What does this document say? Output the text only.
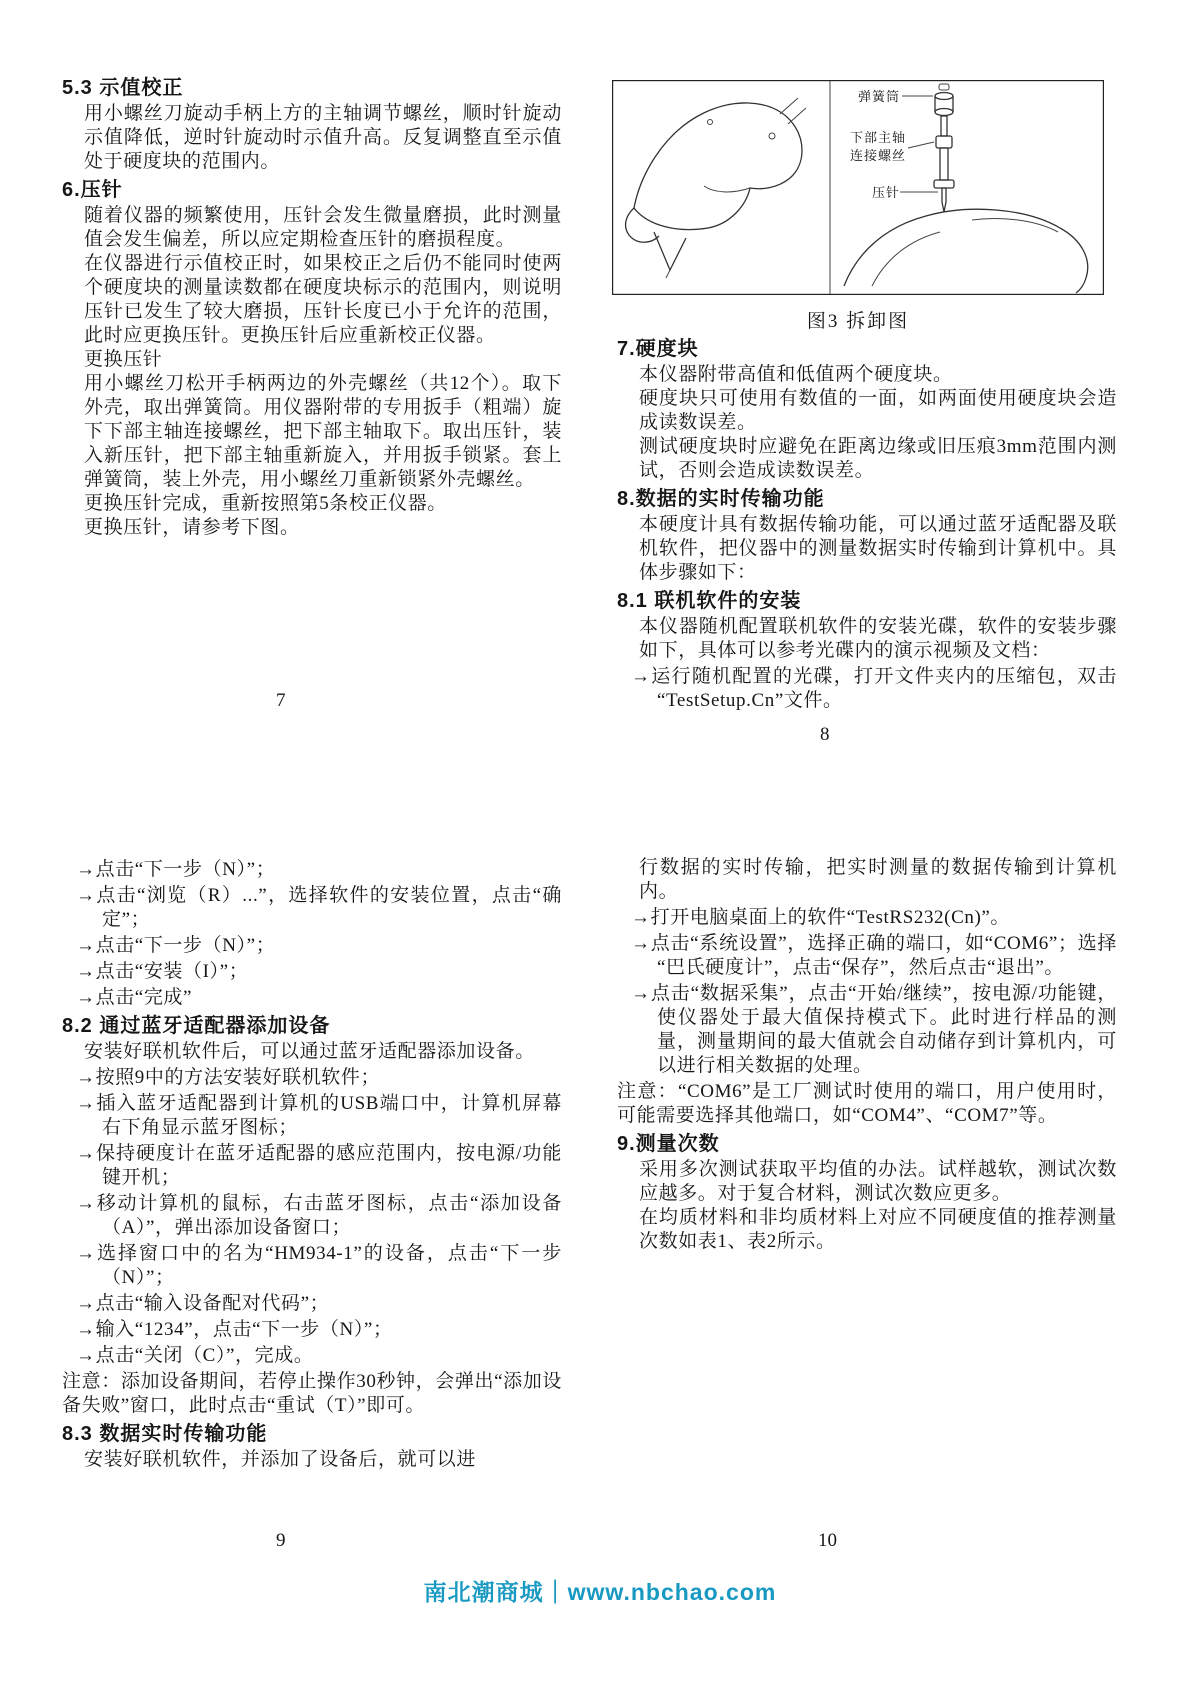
5.3 示值校正
用小螺丝刀旋动手柄上方的主轴调节螺丝，顺时针旋动示值降低，逆时针旋动时示值升高。反复调整直至示值处于硬度块的范围内。
6.压针
随着仪器的频繁使用，压针会发生微量磨损，此时测量值会发生偏差，所以应定期检查压针的磨损程度。
在仪器进行示值校正时，如果校正之后仍不能同时使两个硬度块的测量读数都在硬度块标示的范围内，则说明压针已发生了较大磨损，压针长度已小于允许的范围，此时应更换压针。更换压针后应重新校正仪器。
更换压针
用小螺丝刀松开手柄两边的外壳螺丝（共12个）。取下外壳，取出弹簧筒。用仪器附带的专用扳手（粗端）旋下下部主轴连接螺丝，把下部主轴取下。取出压针，装入新压针，把下部主轴重新旋入，并用扳手锁紧。套上弹簧筒，装上外壳，用小螺丝刀重新锁紧外壳螺丝。
更换压针完成，重新按照第5条校正仪器。
更换压针，请参考下图。
7
弹簧筒
下部主轴
连接螺丝
压针
图3 拆卸图
7.硬度块
本仪器附带高值和低值两个硬度块。
硬度块只可使用有数值的一面，如两面使用硬度块会造成读数误差。
测试硬度块时应避免在距离边缘或旧压痕3mm范围内测试，否则会造成读数误差。
8.数据的实时传输功能
本硬度计具有数据传输功能，可以通过蓝牙适配器及联机软件，把仪器中的测量数据实时传输到计算机中。具体步骤如下：
8.1 联机软件的安装
本仪器随机配置联机软件的安装光碟，软件的安装步骤如下，具体可以参考光碟内的演示视频及文档：
→运行随机配置的光碟，打开文件夹内的压缩包，双击“TestSetup.Cn”文件。
8
→点击“下一步（N）”；
→点击“浏览（R）...”，选择软件的安装位置，点击“确定”；
→点击“下一步（N）”；
→点击“安装（I）”；
→点击“完成”
8.2 通过蓝牙适配器添加设备
安装好联机软件后，可以通过蓝牙适配器添加设备。
→按照9中的方法安装好联机软件；
→插入蓝牙适配器到计算机的USB端口中，计算机屏幕右下角显示蓝牙图标；
→保持硬度计在蓝牙适配器的感应范围内，按电源/功能键开机；
→移动计算机的鼠标，右击蓝牙图标，点击“添加设备（A）”，弹出添加设备窗口；
→选择窗口中的名为“HM934-1”的设备，点击“下一步（N）”；
→点击“输入设备配对代码”；
→输入“1234”，点击“下一步（N）”；
→点击“关闭（C）”，完成。
注意：添加设备期间，若停止操作30秒钟，会弹出“添加设备失败”窗口，此时点击“重试（T）”即可。
8.3 数据实时传输功能
安装好联机软件，并添加了设备后，就可以进
9
行数据的实时传输，把实时测量的数据传输到计算机内。
→打开电脑桌面上的软件“TestRS232(Cn)”。
→点击“系统设置”，选择正确的端口，如“COM6”；选择“巴氏硬度计”，点击“保存”，然后点击“退出”。
→点击“数据采集”，点击“开始/继续”，按电源/功能键，使仪器处于最大值保持模式下。此时进行样品的测量，测量期间的最大值就会自动储存到计算机内，可以进行相关数据的处理。
注意：“COM6”是工厂测试时使用的端口，用户使用时，可能需要选择其他端口，如“COM4”、“COM7”等。
9.测量次数
采用多次测试获取平均值的办法。试样越软，测试次数应越多。对于复合材料，测试次数应更多。
在均质材料和非均质材料上对应不同硬度值的推荐测量次数如表1、表2所示。
10
南北潮商城｜www.nbchao.com
